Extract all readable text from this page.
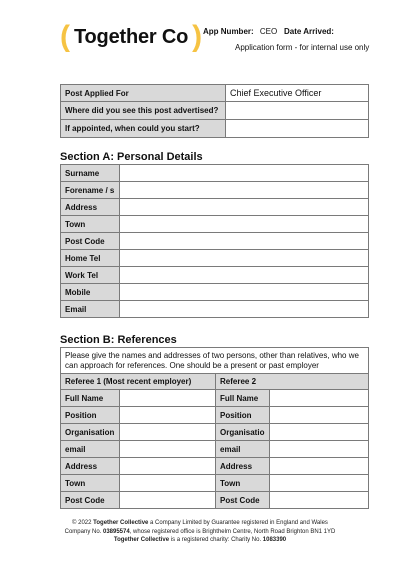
( Together Co ) App Number: CEO Date Arrived:
Application form - for internal use only
Post Applied For	Chief Executive Officer
Where did you see this post advertised?	
If appointed, when could you start?	
Section A: Personal Details
Surname	
Forename / s	
Address	
Town	
Post Code	
Home Tel	
Work Tel	
Mobile	
Email	
Section B: References
Please give the names and addresses of two persons, other than relatives, who we can approach for references. One should be a present or past employer			
Referee 1 (Most recent employer)		Referee 2	
Full Name		Full Name	
Position		Position	
Organisation		Organisatio	
email		email	
Address		Address	
Town		Town	
Post Code		Post Code	
© 2022 Together Collective a Company Limited by Guarantee registered in England and Wales
Company No. 03895574, whose registered office is Brighthelm Centre, North Road Brighton BN1 1YD
Together Collective is a registered charity: Charity No. 1083390
